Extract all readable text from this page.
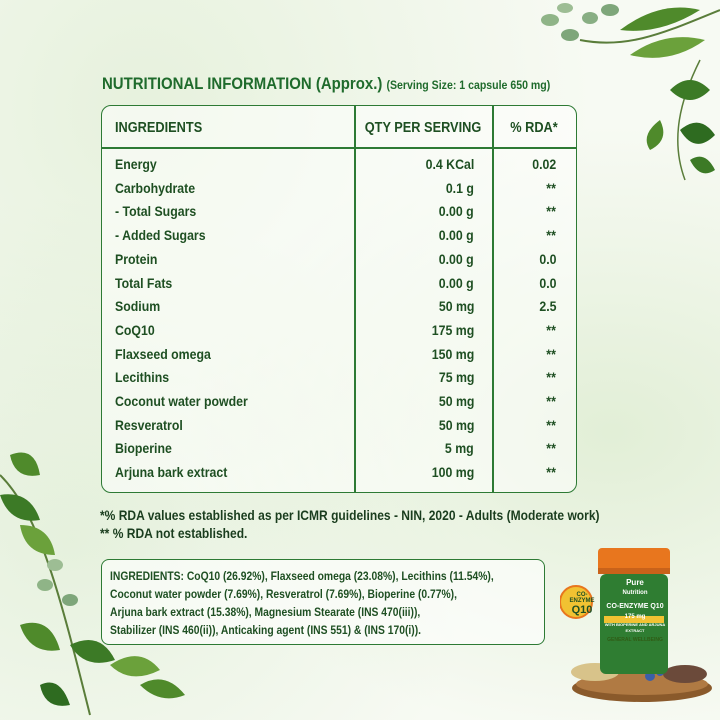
NUTRITIONAL INFORMATION (Approx.) (Serving Size: 1 capsule 650 mg)
INGREDIENTS	QTY PER SERVING	% RDA*
Energy	0.4 KCal	0.02
Carbohydrate	0.1 g	**
- Total Sugars	0.00 g	**
- Added Sugars	0.00 g	**
Protein	0.00 g	0.0
Total Fats	0.00 g	0.0
Sodium	50 mg	2.5
CoQ10	175 mg	**
Flaxseed omega	150 mg	**
Lecithins	75 mg	**
Coconut water powder	50 mg	**
Resveratrol	50 mg	**
Bioperine	5 mg	**
Arjuna bark extract	100 mg	**
*% RDA values established as per ICMR guidelines - NIN, 2020 - Adults (Moderate work)
** % RDA not established.
INGREDIENTS: CoQ10 (26.92%), Flaxseed omega (23.08%), Lecithins (11.54%),
Coconut water powder (7.69%), Resveratrol (7.69%), Bioperine (0.77%),
Arjuna bark extract (15.38%), Magnesium Stearate (INS 470(iii)),
Stabilizer (INS 460(ii)), Anticaking agent (INS 551) & (INS 170(i)).
CO-ENZYME
Q10
Pure
Nutrition
CO-ENZYME Q10
175 mg
WITH BIOPERINE AND ARJUNA EXTRACT
GENERAL WELLBEING
